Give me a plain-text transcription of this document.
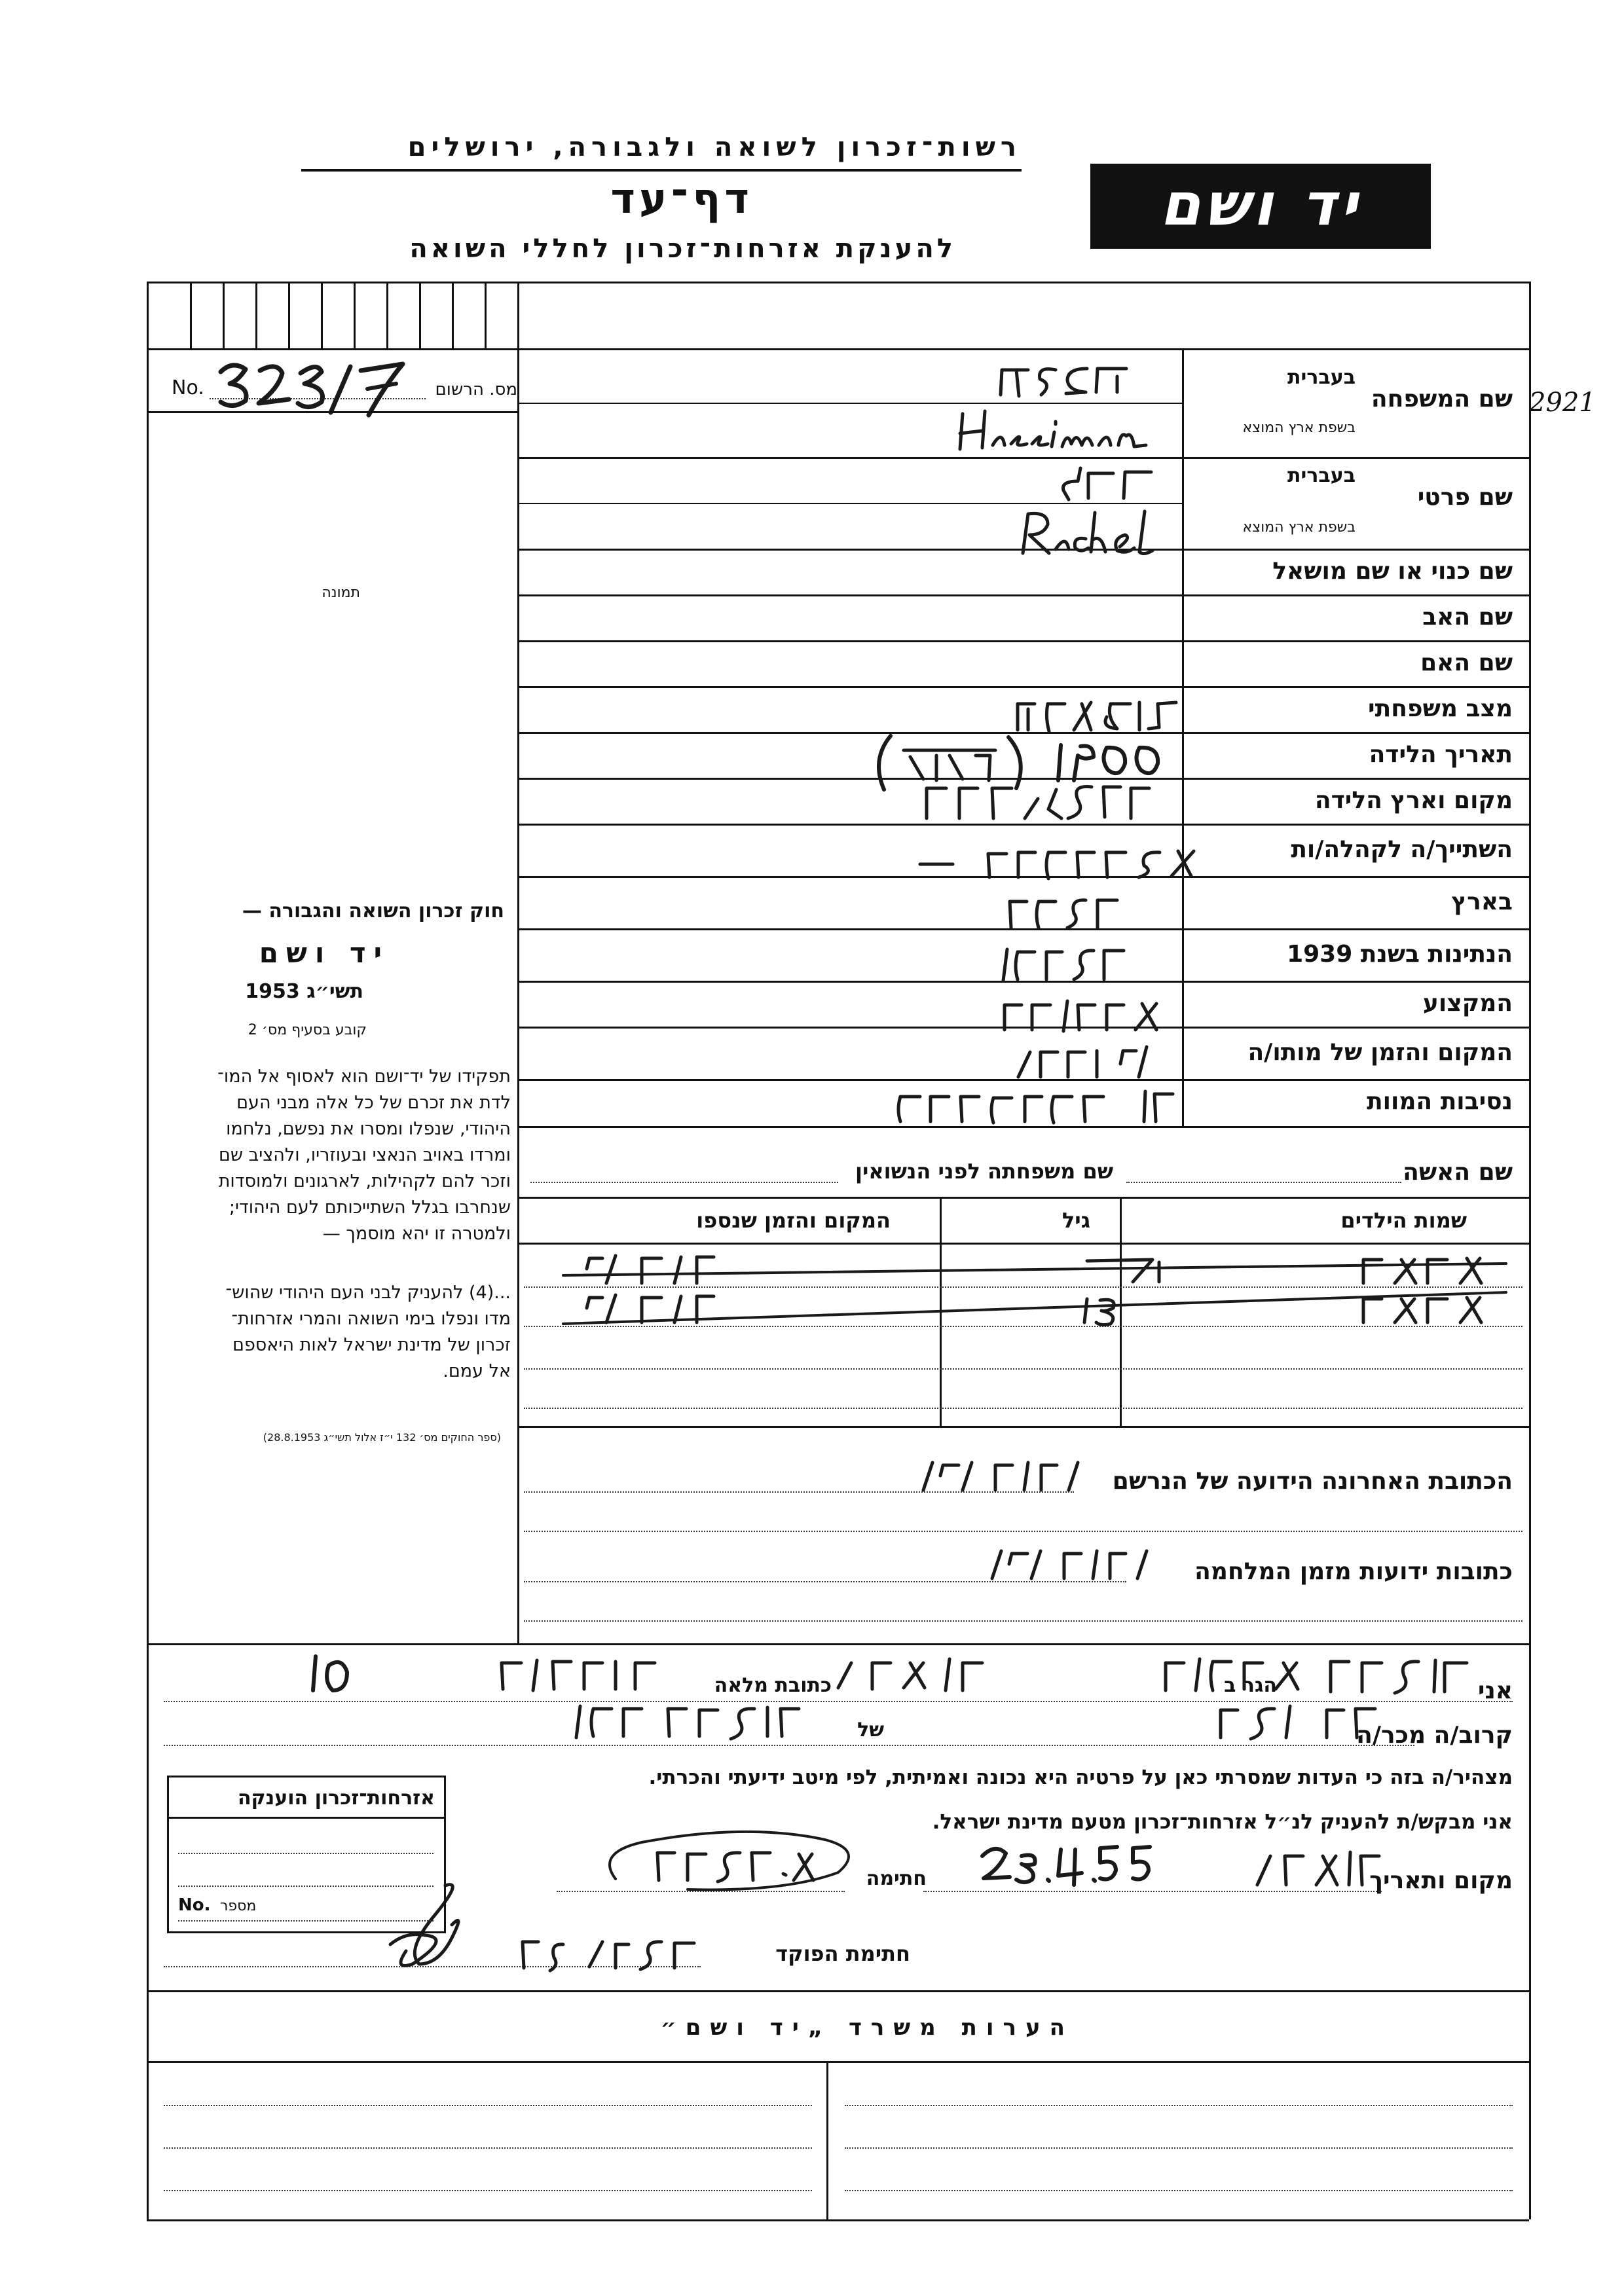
רשות־זכרון לשואה ולגבורה, ירושלים
דף־עד
להענקת אזרחות־זכרון לחללי השואה
יד ושם
2921
מס. הרשום
No.
תמונה
חוק זכרון השואה והגבורה —
יד ושם
תשי״ג 1953
קובע בסעיף מס׳ 2
תפקידו של יד־ושם הוא לאסוף אל המו־
לדת את זכרם של כל אלה מבני העם
היהודי, שנפלו ומסרו את נפשם, נלחמו
ומרדו באויב הנאצי ובעוזריו, ולהציב שם
וזכר להם לקהילות, לארגונים ולמוסדות
שנחרבו בגלל השתייכותם לעם היהודי;
ולמטרה זו יהא מוסמך —
...(4) להעניק לבני העם היהודי שהוש־
מדו ונפלו בימי השואה והמרי אזרחות־
זכרון של מדינת ישראל לאות היאספם
אל עמם.
(ספר החוקים מס׳ 132 י״ז אלול תשי״ג 28.8.1953)
שם המשפחה
בעברית
בשפת ארץ המוצא
שם פרטי
בעברית
בשפת ארץ המוצא
שם כנוי או שם מושאל
שם האב
שם האם
מצב משפחתי
תאריך הלידה
מקום וארץ הלידה
השתייך/ה לקהלה/ות
בארץ
הנתינות בשנת 1939
המקצוע
המקום והזמן של מותו/ה
נסיבות המוות
שם האשה
שם משפחתה לפני הנשואין
שמות הילדים
גיל
המקום והזמן שנספו
הכתובת האחרונה הידועה של הנרשם
כתובות ידועות מזמן המלחמה
אני
הגר ב
כתובת מלאה
קרוב/ה מכר/ה
של
מצהיר/ה בזה כי העדות שמסרתי כאן על פרטיה היא נכונה ואמיתית, לפי מיטב ידיעתי והכרתי.
אני מבקש/ת להעניק לנ״ל אזרחות־זכרון מטעם מדינת ישראל.
מקום ותאריך
חתימה
חתימת הפוקד
אזרחות־זכרון הוענקה
No. מספר
הערות משרד „יד ושם״
